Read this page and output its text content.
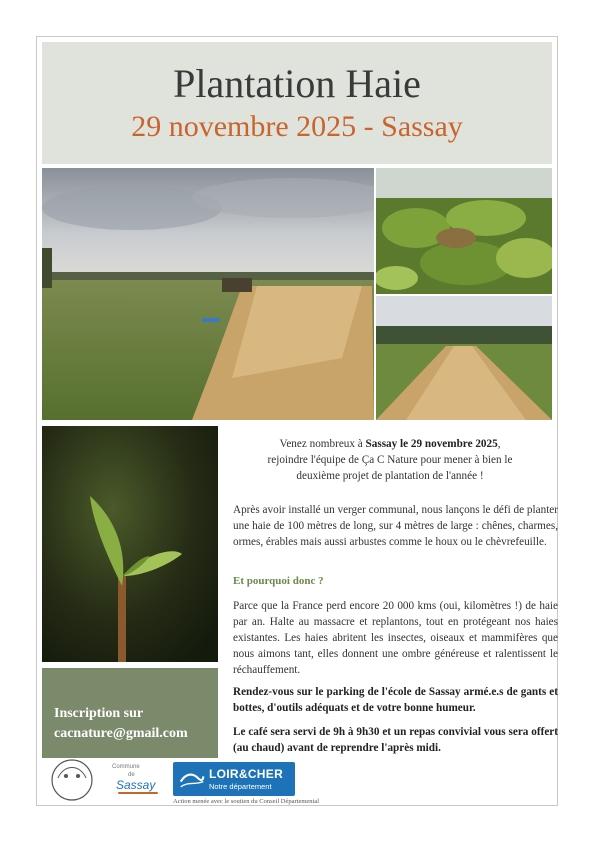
Plantation Haie
29 novembre 2025 - Sassay
Inscription sur
cacnature@gmail.com
Venez nombreux à Sassay le 29 novembre 2025,
rejoindre l'équipe de Ça C Nature pour mener à bien le
deuxième projet de plantation de l'année !
Après avoir installé un verger communal, nous lançons le défi de planter une haie de 100 mètres de long, sur 4 mètres de large : chênes, charmes, ormes, érables mais aussi arbustes comme le houx ou le chèvrefeuille.
Et pourquoi donc ?
Parce que la France perd encore 20 000 kms (oui, kilomètres !) de haie par an. Halte au massacre et replantons, tout en protégeant nos haies existantes. Les haies abritent les insectes, oiseaux et mammifères que nous aimons tant, elles donnent une ombre généreuse et ralentissent le réchauffement.
Rendez-vous sur le parking de l'école de Sassay armé.e.s de gants et bottes, d'outils adéquats et de votre bonne humeur.
Le café sera servi de 9h à 9h30 et un repas convivial vous sera offert (au chaud) avant de reprendre l'après midi.
Commune
de
Sassay
LOIR&CHER
Notre département
Action menée avec le soutien du Conseil Départemental
